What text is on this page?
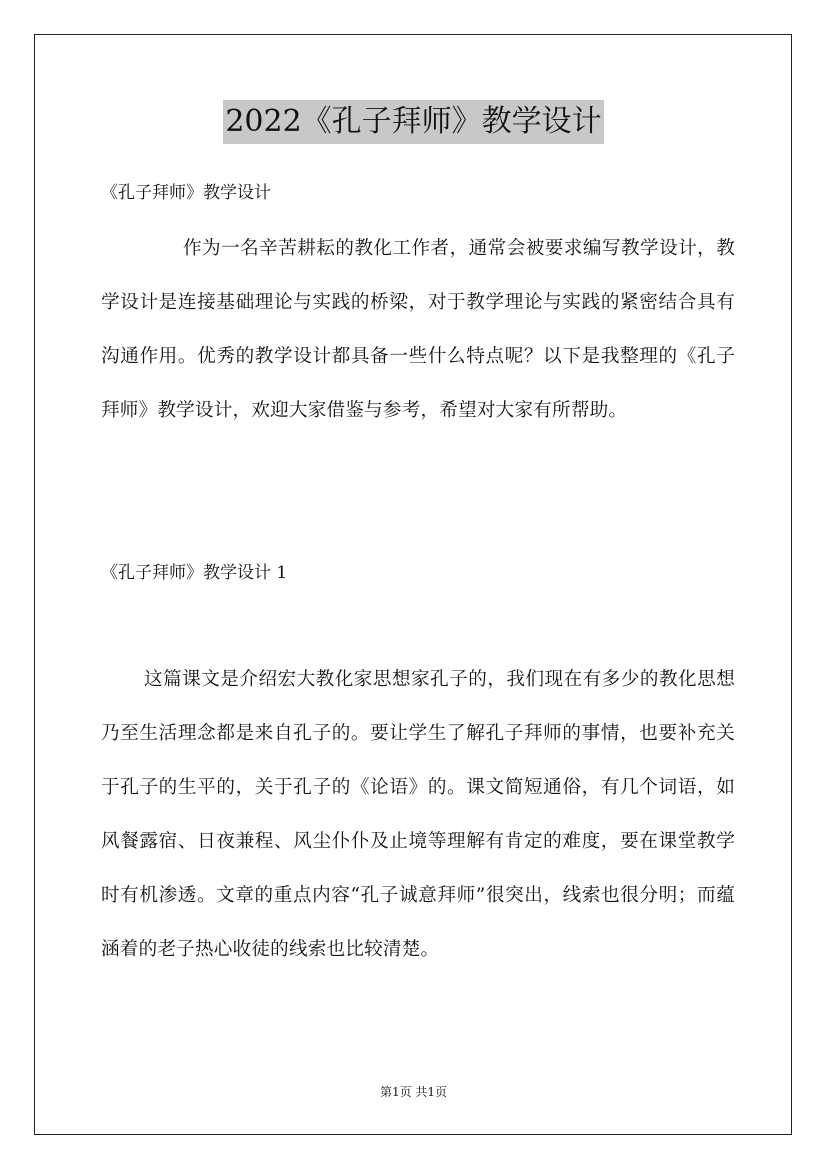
2022《孔子拜师》教学设计

《孔子拜师》教学设计

作为一名辛苦耕耘的教化工作者，通常会被要求编写教学设计，教学设计是连接基础理论与实践的桥梁，对于教学理论与实践的紧密结合具有沟通作用。优秀的教学设计都具备一些什么特点呢？以下是我整理的《孔子拜师》教学设计，欢迎大家借鉴与参考，希望对大家有所帮助。

《孔子拜师》教学设计 1

这篇课文是介绍宏大教化家思想家孔子的，我们现在有多少的教化思想乃至生活理念都是来自孔子的。要让学生了解孔子拜师的事情，也要补充关于孔子的生平的，关于孔子的《论语》的。课文简短通俗，有几个词语，如风餐露宿、日夜兼程、风尘仆仆及止境等理解有肯定的难度，要在课堂教学时有机渗透。文章的重点内容“孔子诚意拜师”很突出，线索也很分明；而蕴涵着的老子热心收徒的线索也比较清楚。

第1页 共1页
